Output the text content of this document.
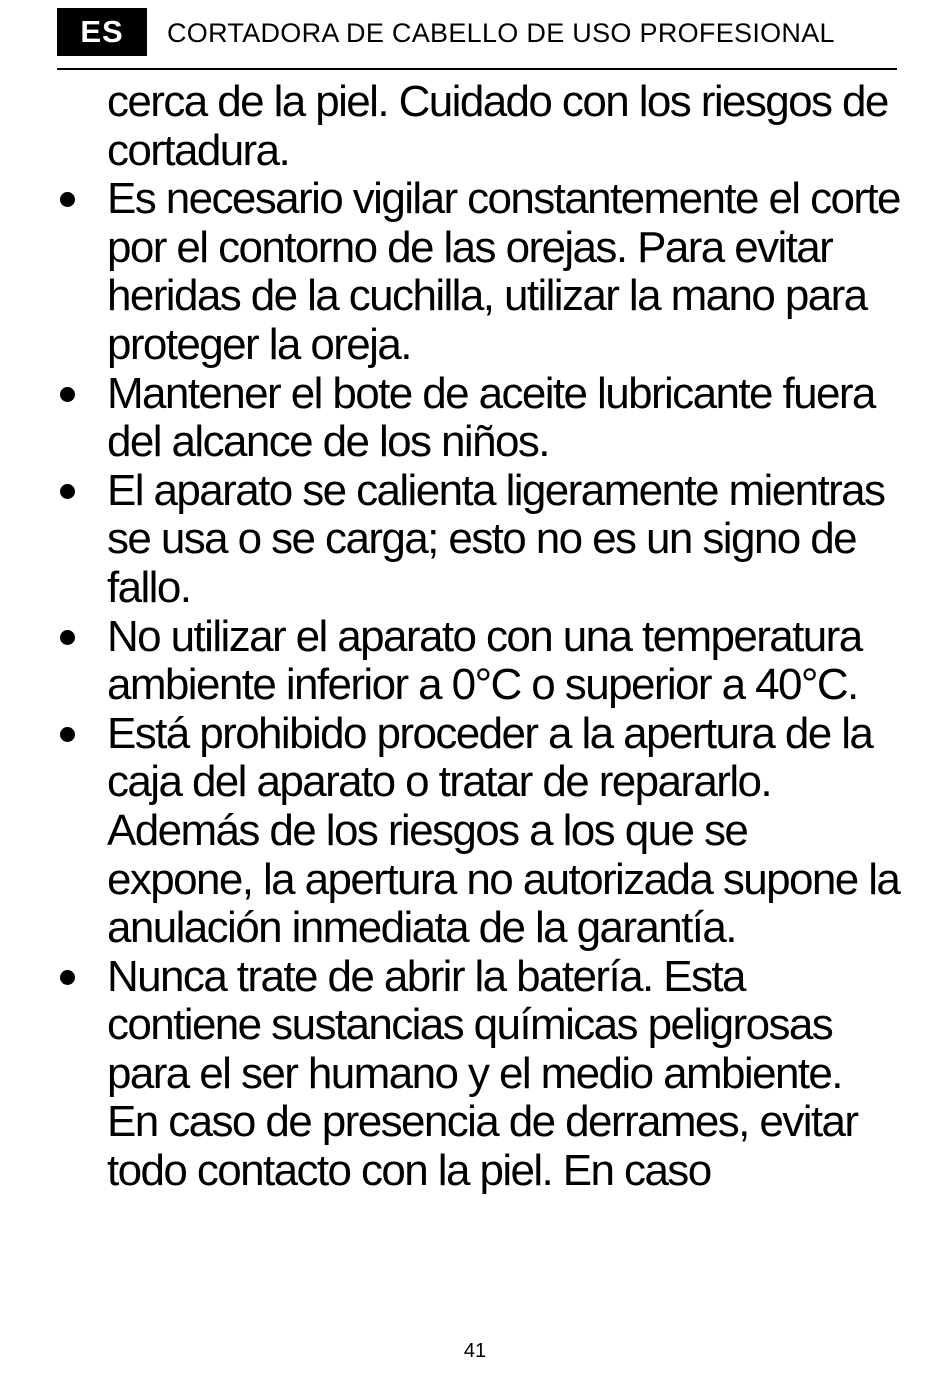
ES	CORTADORA DE CABELLO DE USO PROFESIONAL

cerca de la piel. Cuidado con los riesgos de cortadura.

Es necesario vigilar constantemente el corte por el contorno de las orejas. Para evitar heridas de la cuchilla, utilizar la mano para proteger la oreja.
Mantener el bote de aceite lubricante fuera del alcance de los niños.
El aparato se calienta ligeramente mientras se usa o se carga; esto no es un signo de fallo.
No utilizar el aparato con una temperatura ambiente inferior a 0°C o superior a 40°C.
Está prohibido proceder a la apertura de la caja del aparato o tratar de repararlo. Además de los riesgos a los que se expone, la apertura no autorizada supone la anulación inmediata de la garantía.
Nunca trate de abrir la batería. Esta contiene sustancias químicas peligrosas para el ser humano y el medio ambiente. En caso de presencia de derrames, evitar todo contacto con la piel. En caso
41
